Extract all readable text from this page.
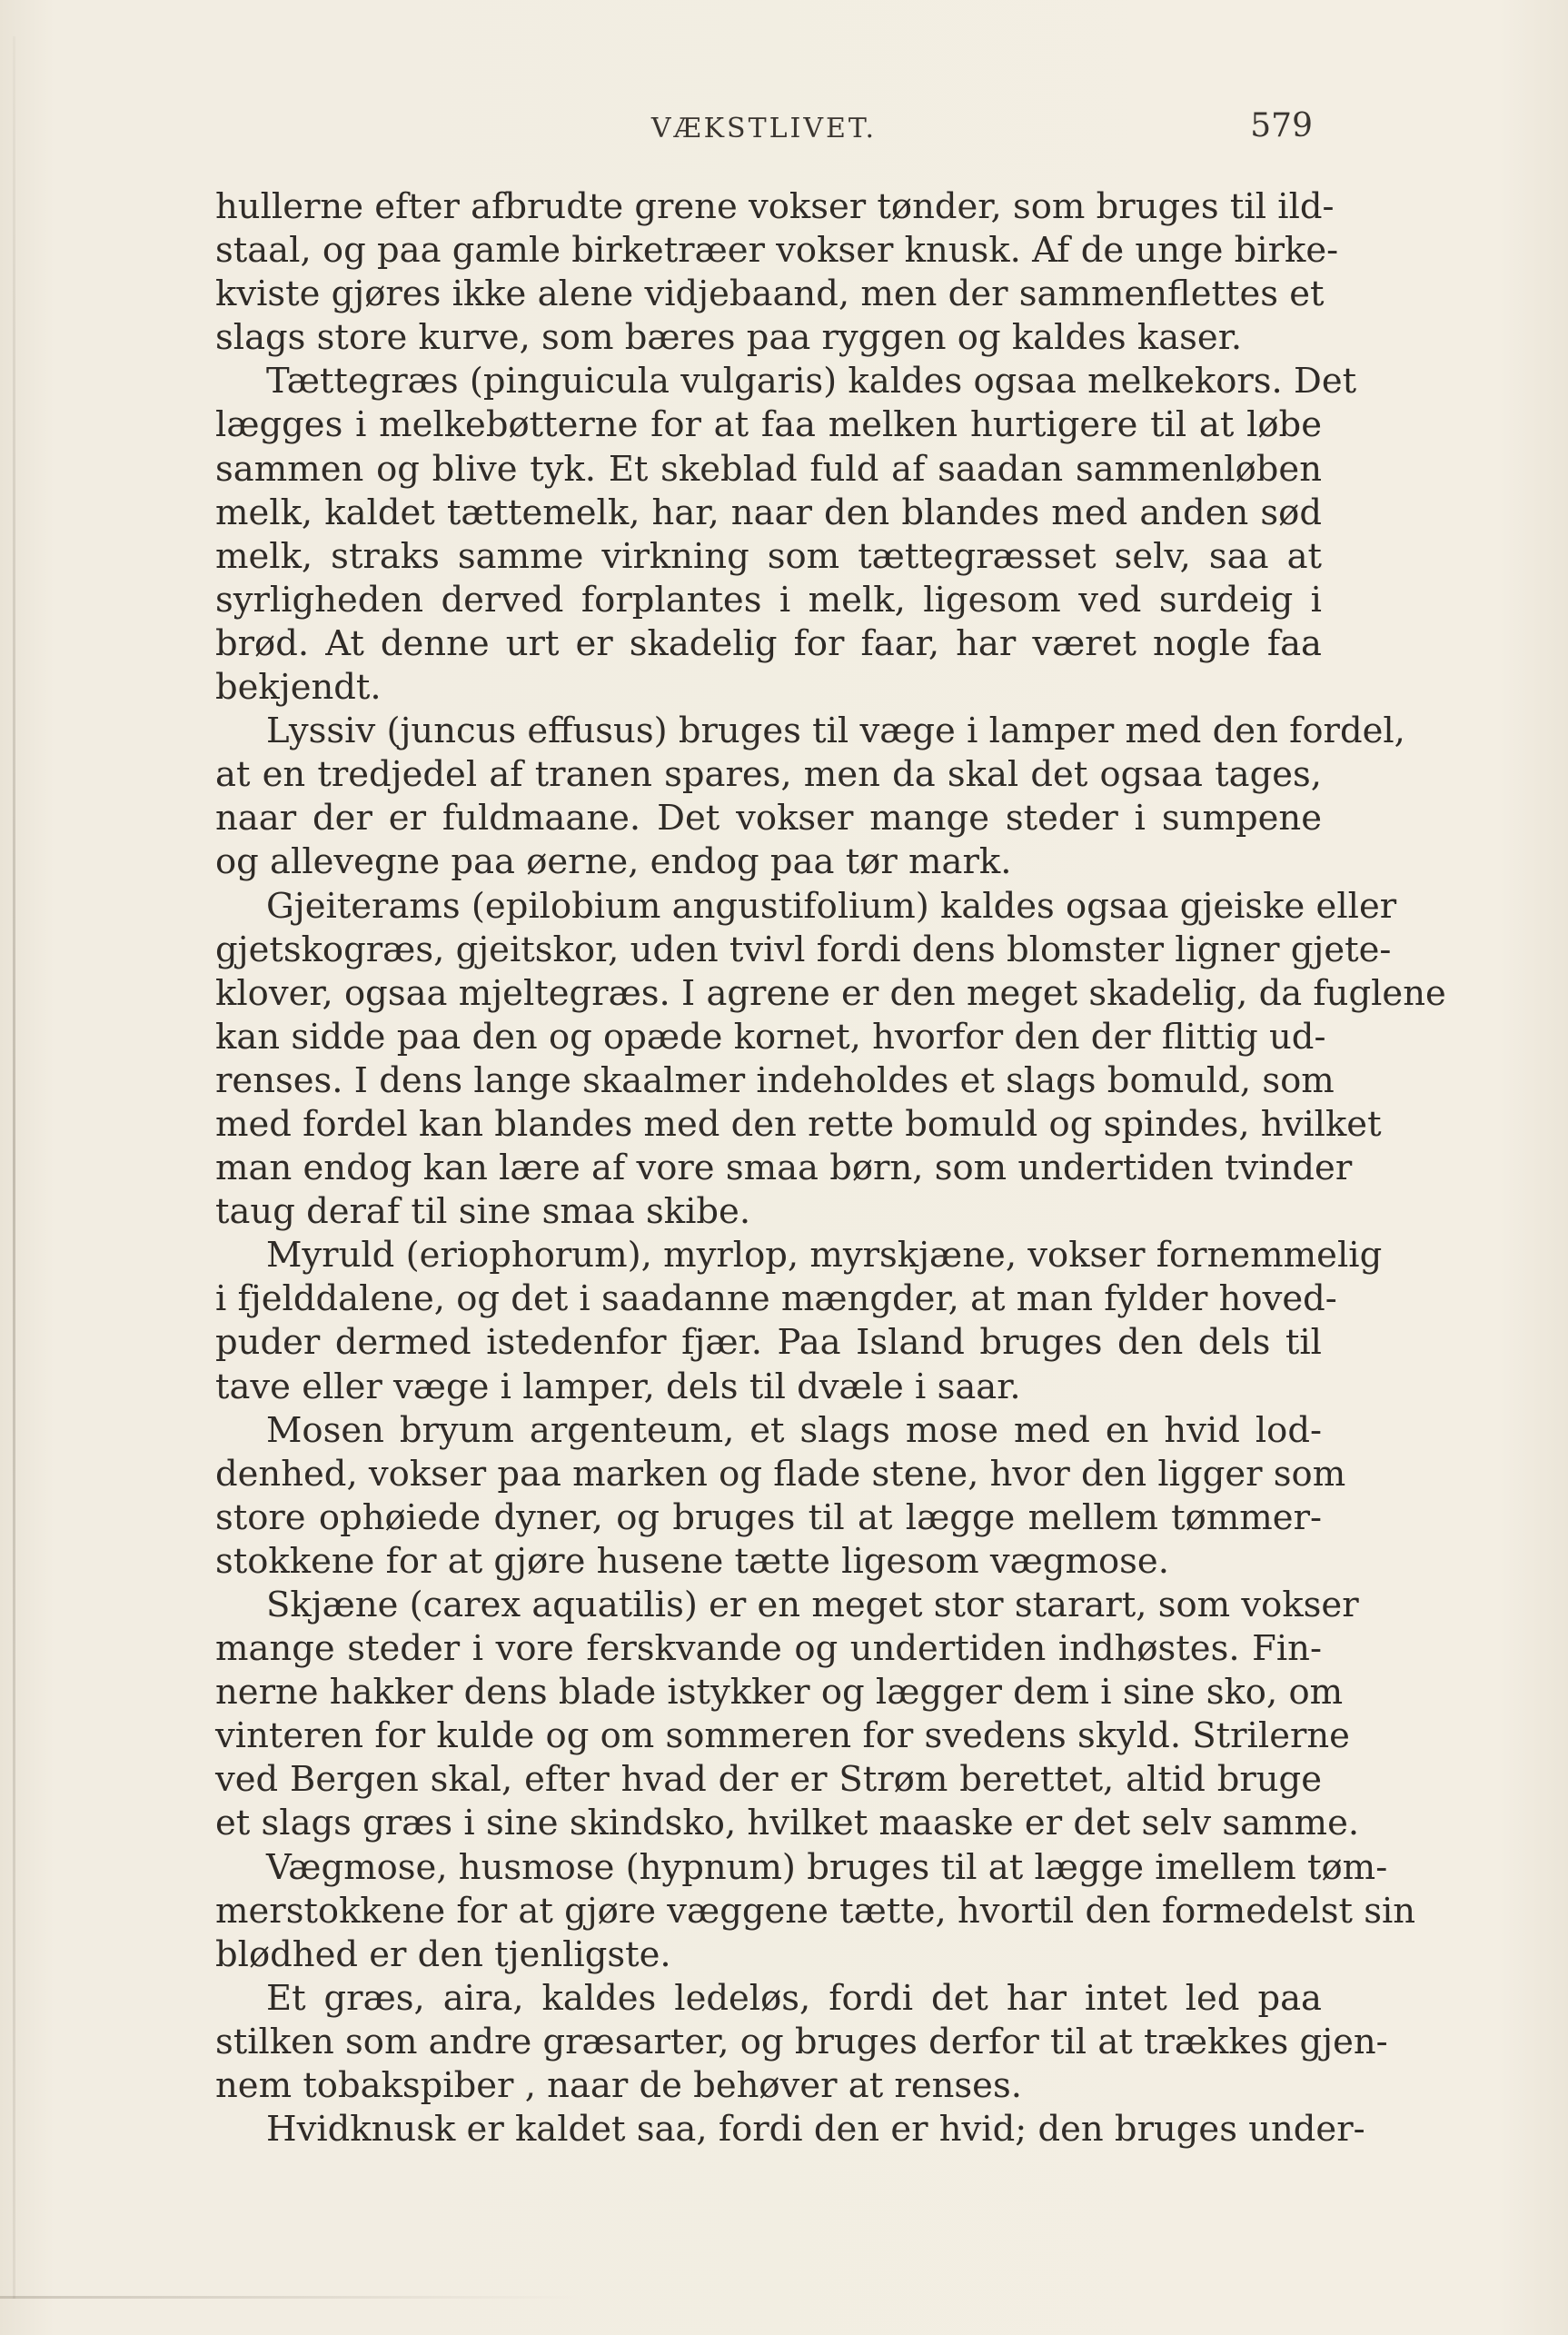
VÆKSTLIVET.	579
hullerne efter afbrudte grene vokser tønder, som bruges til ild-
staal, og paa gamle birketræer vokser knusk. Af de unge birke-
kviste gjøres ikke alene vidjebaand, men der sammenflettes et
slags store kurve, som bæres paa ryggen og kaldes kaser.
Tættegræs (pinguicula vulgaris) kaldes ogsaa melkekors. Det
lægges i melkebøtterne for at faa melken hurtigere til at løbe
sammen og blive tyk. Et skeblad fuld af saadan sammenløben
melk, kaldet tættemelk, har, naar den blandes med anden sød
melk, straks samme virkning som tættegræsset selv, saa at
syrligheden derved forplantes i melk, ligesom ved surdeig i
brød. At denne urt er skadelig for faar, har været nogle faa
bekjendt.
Lyssiv (juncus effusus) bruges til væge i lamper med den fordel,
at en tredjedel af tranen spares, men da skal det ogsaa tages,
naar der er fuldmaane. Det vokser mange steder i sumpene
og allevegne paa øerne, endog paa tør mark.
Gjeiterams (epilobium angustifolium) kaldes ogsaa gjeiske eller
gjetskogræs, gjeitskor, uden tvivl fordi dens blomster ligner gjete-
klover, ogsaa mjeltegræs. I agrene er den meget skadelig, da fuglene
kan sidde paa den og opæde kornet, hvorfor den der flittig ud-
renses. I dens lange skaalmer indeholdes et slags bomuld, som
med fordel kan blandes med den rette bomuld og spindes, hvilket
man endog kan lære af vore smaa børn, som undertiden tvinder
taug deraf til sine smaa skibe.
Myruld (eriophorum), myrlop, myrskjæne, vokser fornemmelig
i fjelddalene, og det i saadanne mængder, at man fylder hoved-
puder dermed istedenfor fjær. Paa Island bruges den dels til
tave eller væge i lamper, dels til dvæle i saar.
Mosen bryum argenteum, et slags mose med en hvid lod-
denhed, vokser paa marken og flade stene, hvor den ligger som
store ophøiede dyner, og bruges til at lægge mellem tømmer-
stokkene for at gjøre husene tætte ligesom vægmose.
Skjæne (carex aquatilis) er en meget stor starart, som vokser
mange steder i vore ferskvande og undertiden indhøstes. Fin-
nerne hakker dens blade istykker og lægger dem i sine sko, om
vinteren for kulde og om sommeren for svedens skyld. Strilerne
ved Bergen skal, efter hvad der er Strøm berettet, altid bruge
et slags græs i sine skindsko, hvilket maaske er det selv samme.
Vægmose, husmose (hypnum) bruges til at lægge imellem tøm-
merstokkene for at gjøre væggene tætte, hvortil den formedelst sin
blødhed er den tjenligste.
Et græs, aira, kaldes ledeløs, fordi det har intet led paa
stilken som andre græsarter, og bruges derfor til at trækkes gjen-
nem tobakspiber , naar de behøver at renses.
Hvidknusk er kaldet saa, fordi den er hvid; den bruges under-
